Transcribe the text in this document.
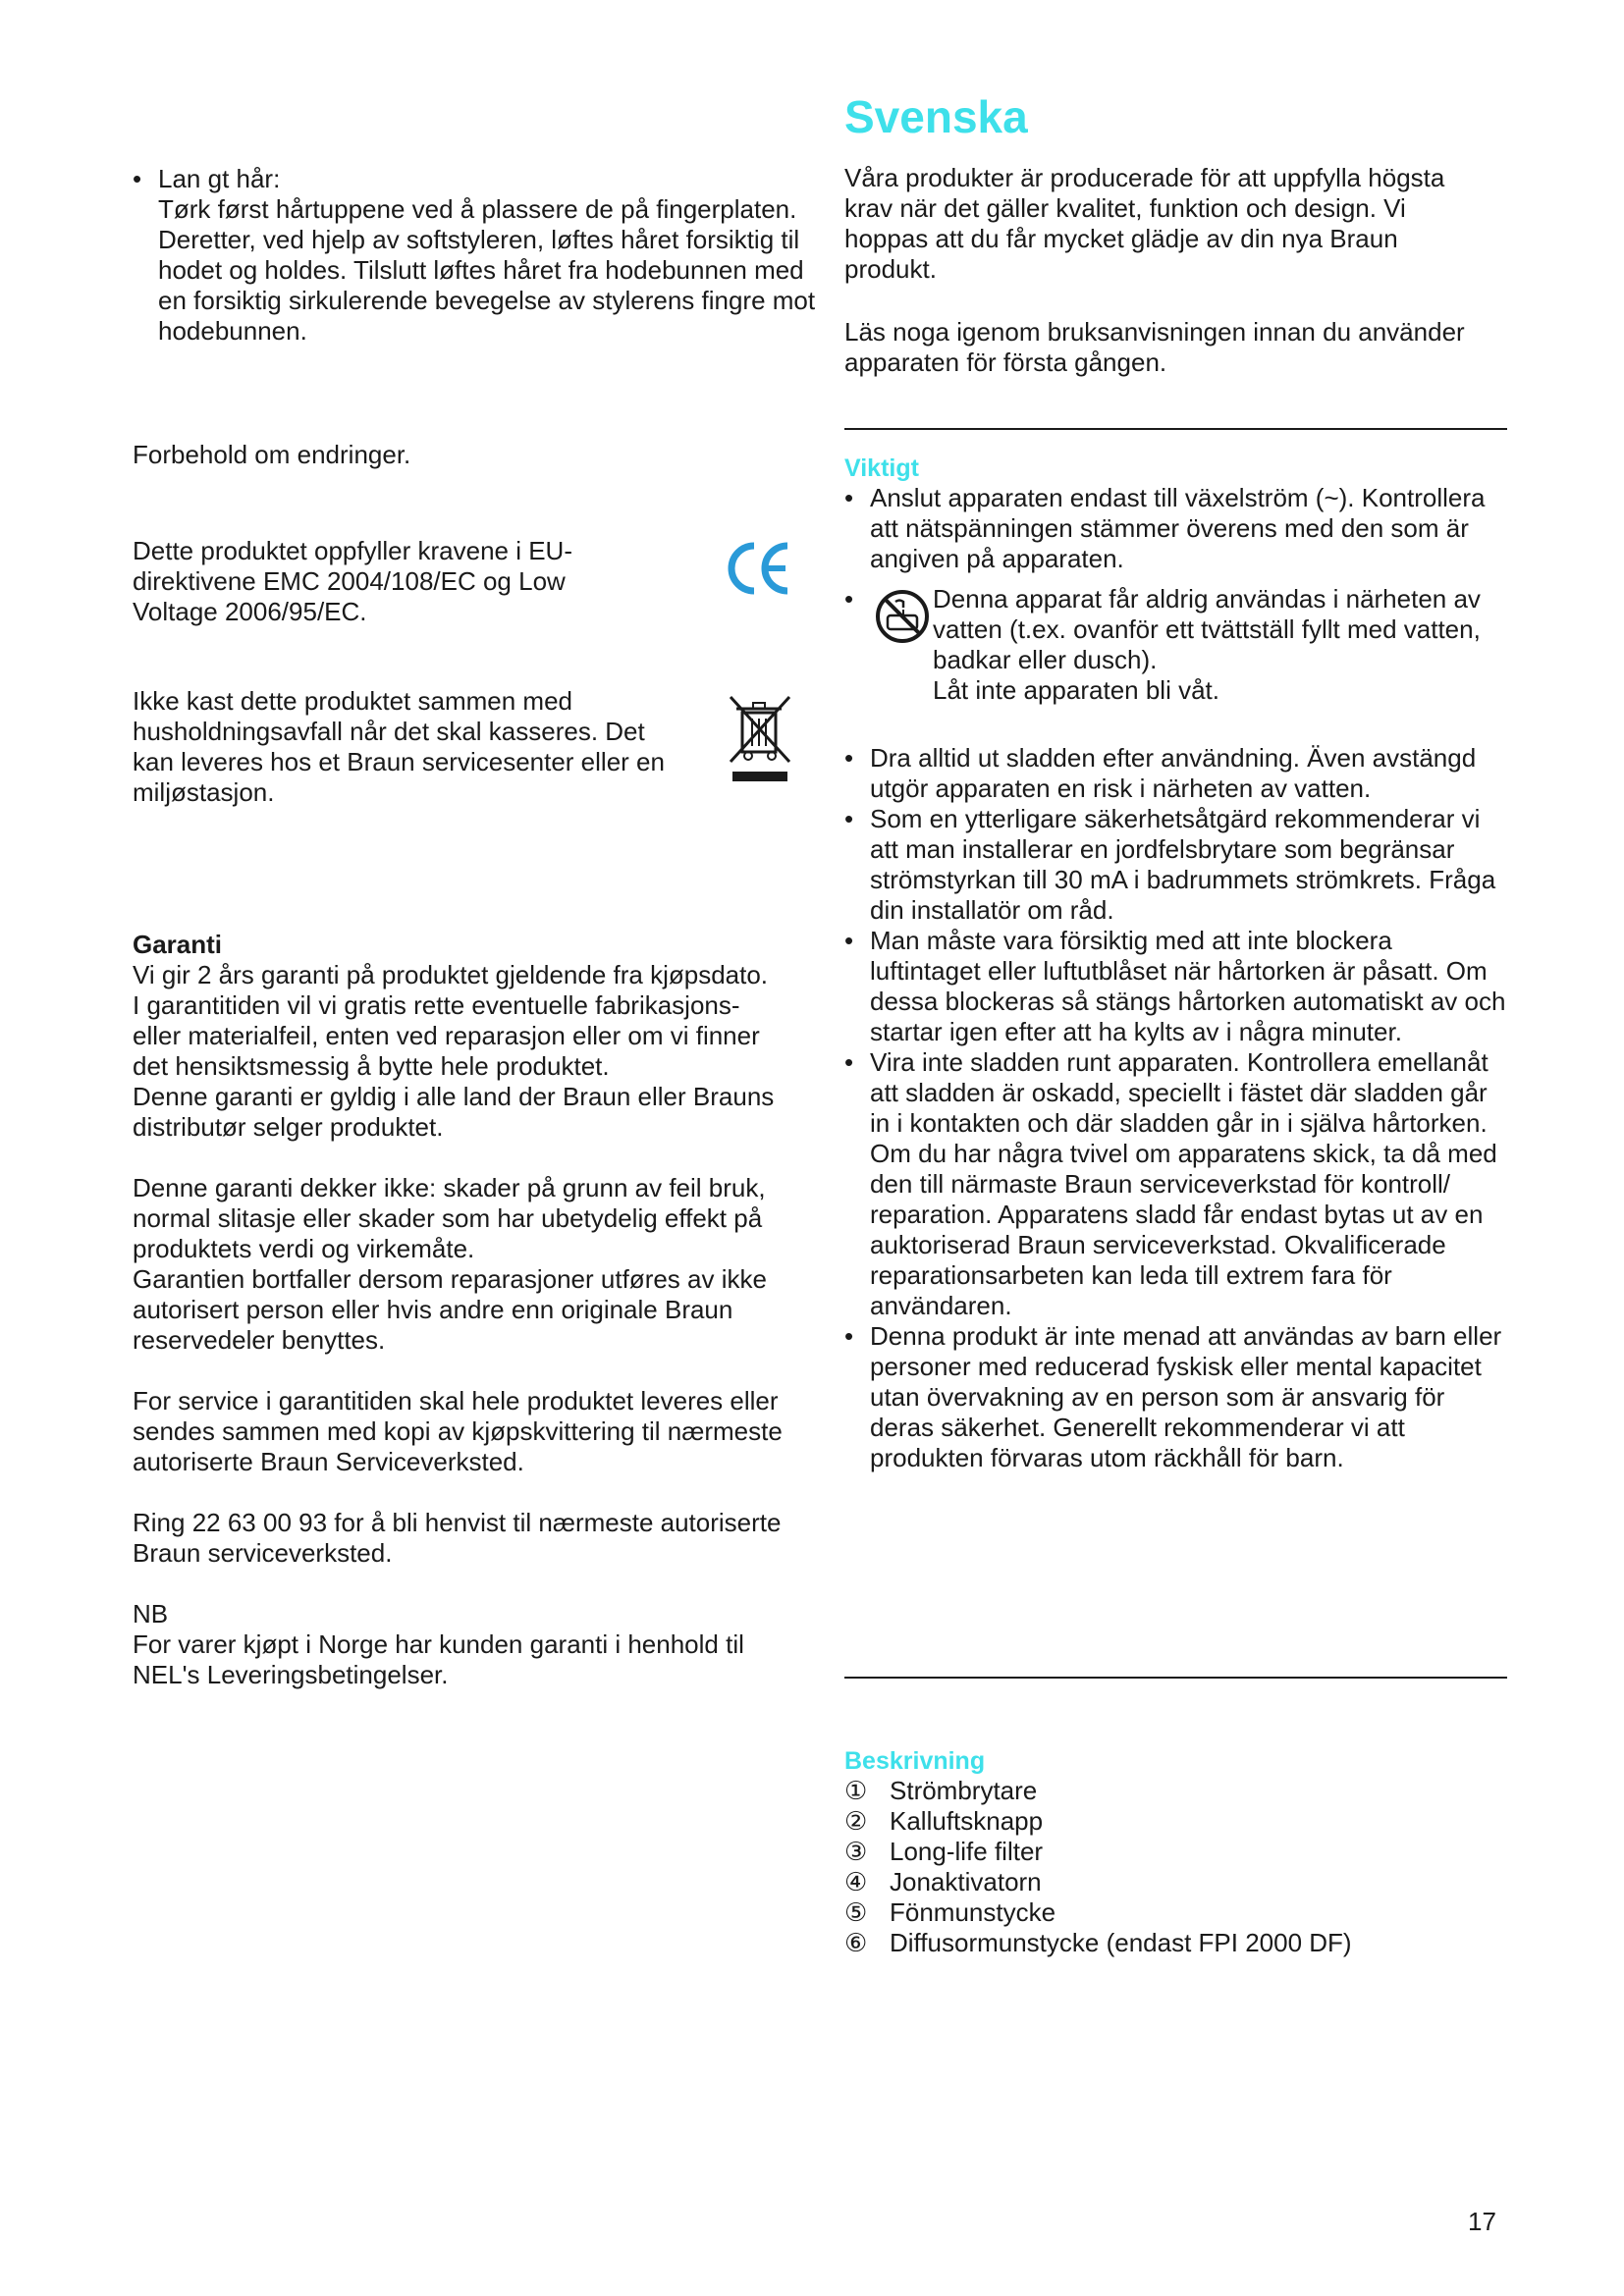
• Lan gt hår:
Tørk først hårtuppene ved å plassere de på fingerplaten. Deretter, ved hjelp av softstyleren, løftes håret forsiktig til hodet og holdes. Tilslutt løftes håret fra hodebunnen med en forsiktig sirkulerende bevegelse av stylerens fingre mot hodebunnen.

Forbehold om endringer.

Dette produktet oppfyller kravene i EU-direktivene EMC 2004/108/EC og Low Voltage 2006/95/EC.

Ikke kast dette produktet sammen med husholdningsavfall når det skal kasseres. Det kan leveres hos et Braun servicesenter eller en miljøstasjon.

Garanti

Vi gir 2 års garanti på produktet gjeldende fra kjøpsdato.

I garantitiden vil vi gratis rette eventuelle fabrikasjons- eller materialfeil, enten ved reparasjon eller om vi finner det hensiktsmessig å bytte hele produktet.

Denne garanti er gyldig i alle land der Braun eller Brauns distributør selger produktet.

Denne garanti dekker ikke: skader på grunn av feil bruk, normal slitasje eller skader som har ubetydelig effekt på produktets verdi og virkemåte.

Garantien bortfaller dersom reparasjoner utføres av ikke autorisert person eller hvis andre enn originale Braun reservedeler benyttes.

For service i garantitiden skal hele produktet leveres eller sendes sammen med kopi av kjøpskvittering til nærmeste autoriserte Braun Serviceverksted.

Ring 22 63 00 93 for å bli henvist til nærmeste autoriserte Braun serviceverksted.

NB

For varer kjøpt i Norge har kunden garanti i henhold til NEL's Leveringsbetingelser.

Svenska

Våra produkter är producerade för att uppfylla högsta krav när det gäller kvalitet, funktion och design. Vi hoppas att du får mycket glädje av din nya Braun produkt.

Läs noga igenom bruksanvisningen innan du använder apparaten för första gången.

Viktigt

• Anslut apparaten endast till växelström (~). Kontrollera att nätspänningen stämmer överens med den som är angiven på apparaten.
•	Denna apparat får aldrig användas i närheten av vatten (t.ex. ovanför ett tvättställ fyllt med vatten, badkar eller dusch).
Låt inte apparaten bli våt.
• Dra alltid ut sladden efter användning. Även avstängd utgör apparaten en risk i närheten av vatten.
• Som en ytterligare säkerhetsåtgärd rekommenderar vi att man installerar en jordfelsbrytare som begränsar strömstyrkan till 30 mA i badrummets strömkrets. Fråga din installatör om råd.
• Man måste vara försiktig med att inte blockera luftintaget eller luftutblåset när hårtorken är påsatt. Om dessa blockeras så stängs hårtorken automatiskt av och startar igen efter att ha kylts av i några minuter.
• Vira inte sladden runt apparaten. Kontrollera emellanåt att sladden är oskadd, speciellt i fästet där sladden går in i kontakten och där sladden går in i själva hårtorken. Om du har några tvivel om apparatens skick, ta då med den till närmaste Braun serviceverkstad för kontroll/ reparation. Apparatens sladd får endast bytas ut av en auktoriserad Braun serviceverkstad. Okvalificerade reparationsarbeten kan leda till extrem fara för användaren.
• Denna produkt är inte menad att användas av barn eller personer med reducerad fyskisk eller mental kapacitet utan övervakning av en person som är ansvarig för deras säkerhet. Generellt rekommenderar vi att produkten förvaras utom räckhåll för barn.

Beskrivning

① Strömbrytare
② Kalluftsknapp
③ Long-life filter
④ Jonaktivatorn
⑤ Fönmunstycke
⑥ Diffusormunstycke (endast FPI 2000 DF)
17
